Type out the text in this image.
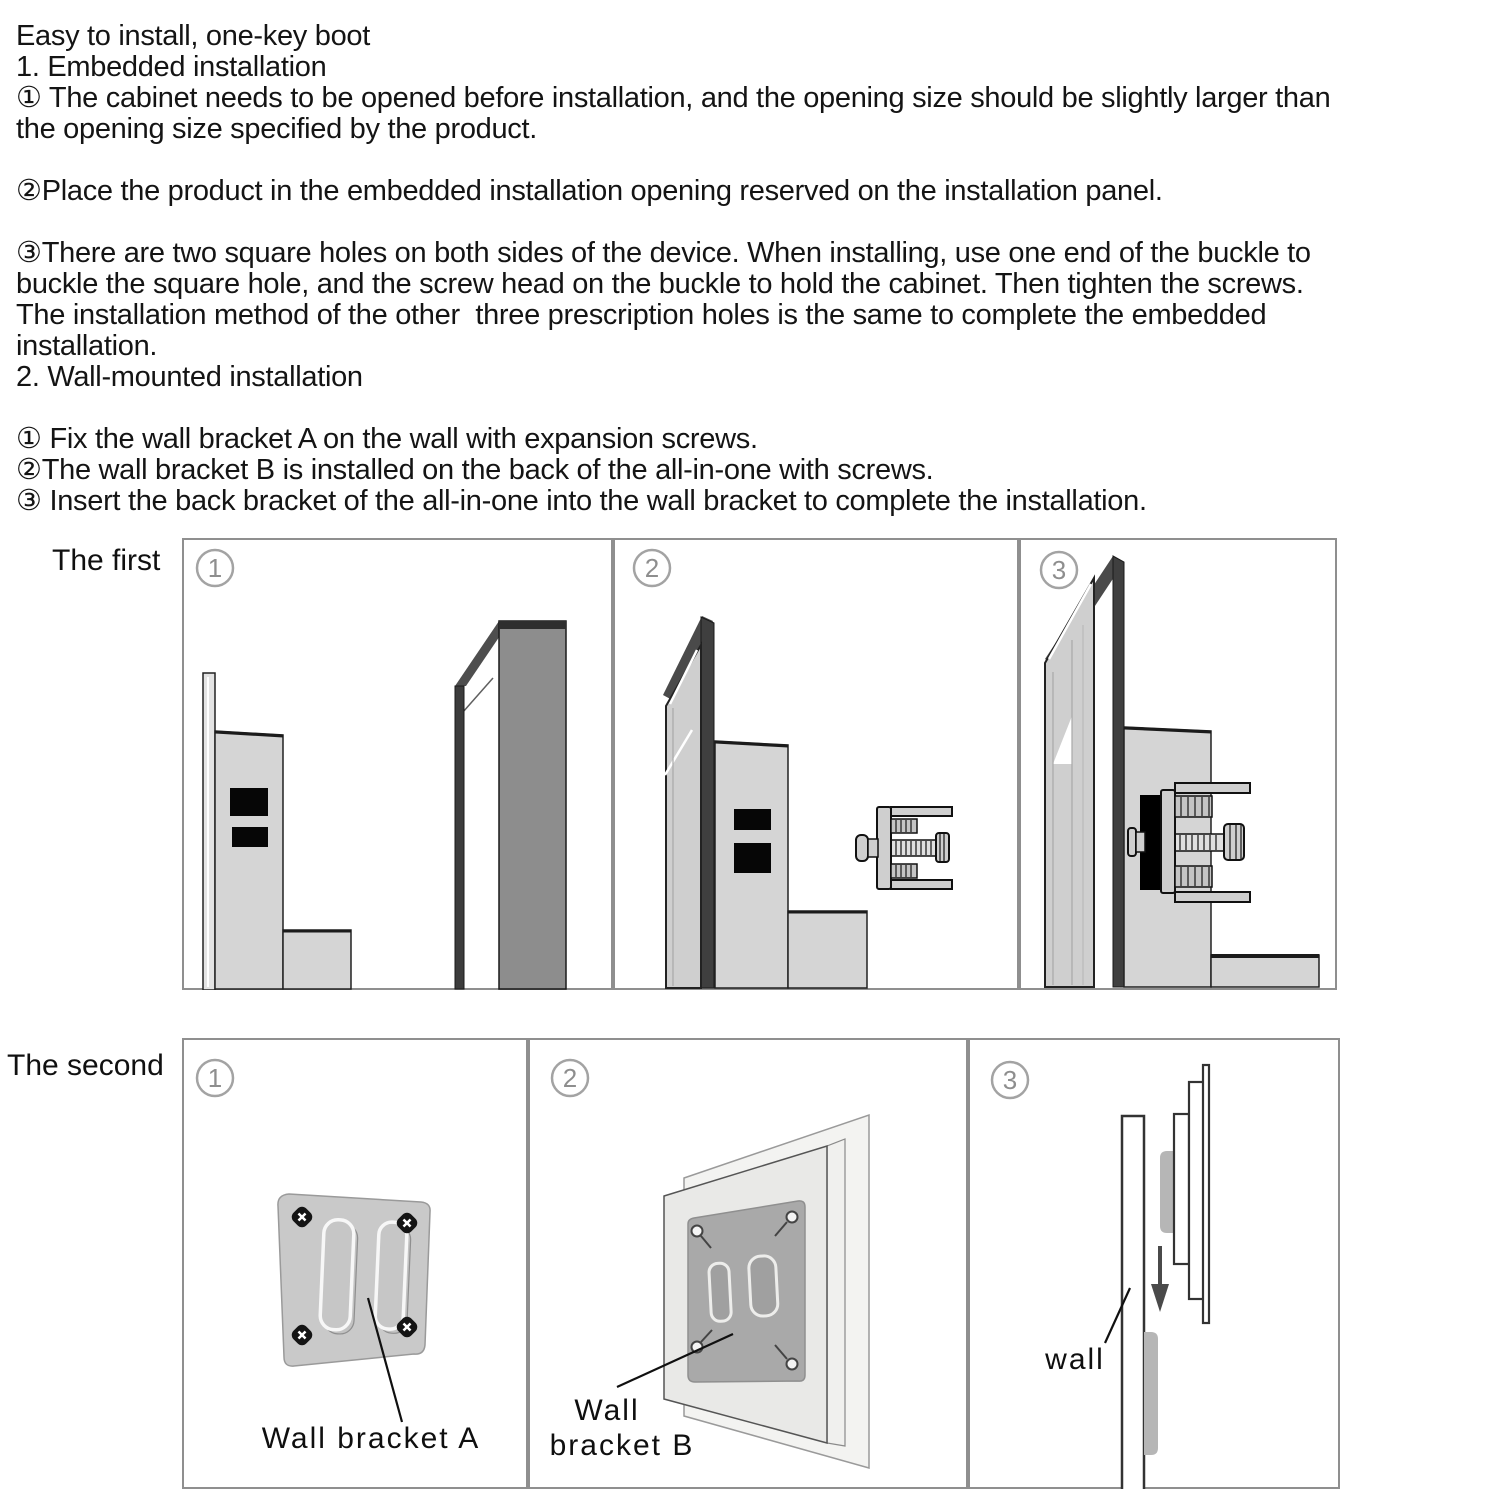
Easy to install, one-key boot
1. Embedded installation
① The cabinet needs to be opened before installation, and the opening size should be slightly larger than
the opening size specified by the product.
②Place the product in the embedded installation opening reserved on the installation panel.
③There are two square holes on both sides of the device. When installing, use one end of the buckle to
buckle the square hole, and the screw head on the buckle to hold the cabinet. Then tighten the screws.
The installation method of the other  three prescription holes is the same to complete the embedded
installation.
2. Wall-mounted installation
① Fix the wall bracket A on the wall with expansion screws.
②The wall bracket B is installed on the back of the all-in-one with screws.
③ Insert the back bracket of the all-in-one into the wall bracket to complete the installation.
The first
The second
1	2	3
1
Wall bracket A
2
Wall
bracket B
3
wall
